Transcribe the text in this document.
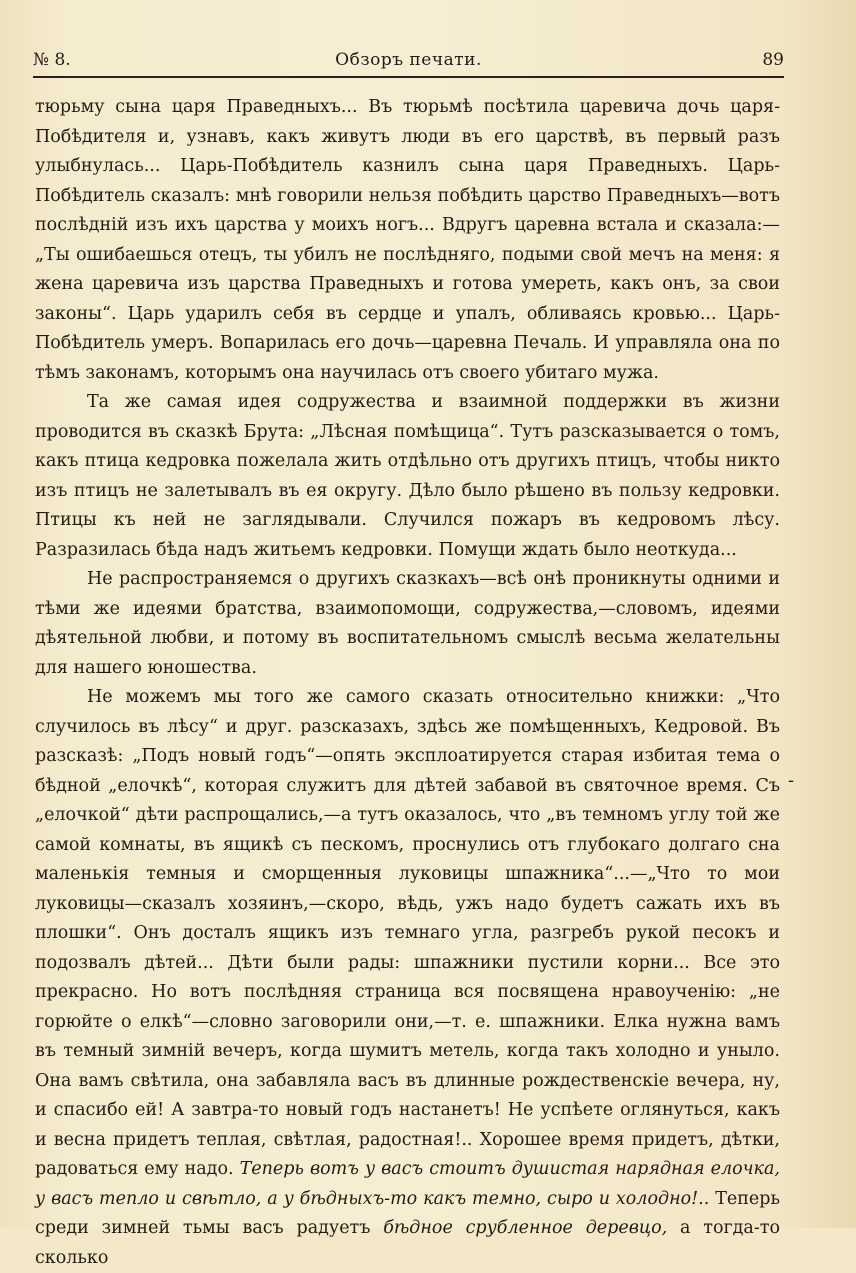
№ 8.	Обзоръ печати.	89

тюрьму сына царя Праведныхъ... Въ тюрьмѣ посѣтила царевича дочь царя-Побѣдителя и, узнавъ, какъ живутъ люди въ его царствѣ, въ первый разъ улыбнулась... Царь-Побѣдитель казнилъ сына царя Праведныхъ. Царь-Побѣдитель сказалъ: мнѣ говорили нельзя побѣдить царство Праведныхъ—вотъ послѣднiй изъ ихъ царства у моихъ ногъ... Вдругъ царевна встала и сказала:—„Ты ошибаешься отецъ, ты убилъ не послѣдняго, подыми свой мечъ на меня: я жена царевича изъ царства Праведныхъ и готова умереть, какъ онъ, за свои законы“. Царь ударилъ себя въ сердце и упалъ, обливаясь кровью... Царь-Побѣдитель умеръ. Вопарилась его дочь—царевна Печаль. И управляла она по тѣмъ законамъ, которымъ она научилась отъ своего убитаго мужа.

Та же самая идея содружества и взаимной поддержки въ жизни проводится въ сказкѣ Брута: „Лѣсная помѣщица“. Тутъ разсказывается о томъ, какъ птица кедровка пожелала жить отдѣльно отъ другихъ птицъ, чтобы никто изъ птицъ не залетывалъ въ ея округу. Дѣло было рѣшено въ пользу кедровки. Птицы къ ней не заглядывали. Случился пожаръ въ кедровомъ лѣсу. Разразилась бѣда надъ житьемъ кедровки. Помущи ждать было неоткуда...

Не распространяемся о другихъ сказкахъ—всѣ онѣ проникнуты одними и тѣми же идеями братства, взаимопомощи, содружества,—словомъ, идеями дѣятельной любви, и потому въ воспитательномъ смыслѣ весьма желательны для нашего юношества.

Не можемъ мы того же самого сказать относительно книжки: „Что случилось въ лѣсу“ и друг. разсказахъ, здѣсь же помѣщенныхъ, Кедровой. Въ разсказѣ: „Подъ новый годъ“—опять эксплоатируется старая избитая тема о бѣдной „елочкѣ“, которая служитъ для дѣтей забавой въ святочное время. Съ „елочкой“ дѣти распрощались,—а тутъ оказалось, что „въ темномъ углу той же самой комнаты, въ ящикѣ съ пескомъ, проснулись отъ глубокаго долгаго сна маленькiя темныя и сморщенныя луковицы шпажника“...—„Что то мои луковицы—сказалъ хозяинъ,—скоро, вѣдь, ужъ надо будетъ сажать ихъ въ плошки“. Онъ досталъ ящикъ изъ темнаго угла, разгребъ рукой песокъ и подозвалъ дѣтей... Дѣти были рады: шпажники пустили корни... Все это прекрасно. Но вотъ послѣдняя страница вся посвящена нравоученiю: „не горюйте о елкѣ“—словно заговорили они,—т. е. шпажники. Елка нужна вамъ въ темный зимнiй вечеръ, когда шумитъ метель, когда такъ холодно и уныло. Она вамъ свѣтила, она забавляла васъ въ длинные рождественскiе вечера, ну, и спасибо ей! А завтра-то новый годъ настанетъ! Не успѣете оглянуться, какъ и весна придетъ теплая, свѣтлая, радостная!.. Хорошее время придетъ, дѣтки, радоваться ему надо. Теперь вотъ у васъ стоитъ душистая нарядная елочка, у васъ тепло и свѣтло, а у бѣдныхъ-то какъ темно, сыро и холодно!.. Теперь среди зимней тьмы васъ радуетъ бѣдное срубленное деревцо, а тогда-то сколько

-
